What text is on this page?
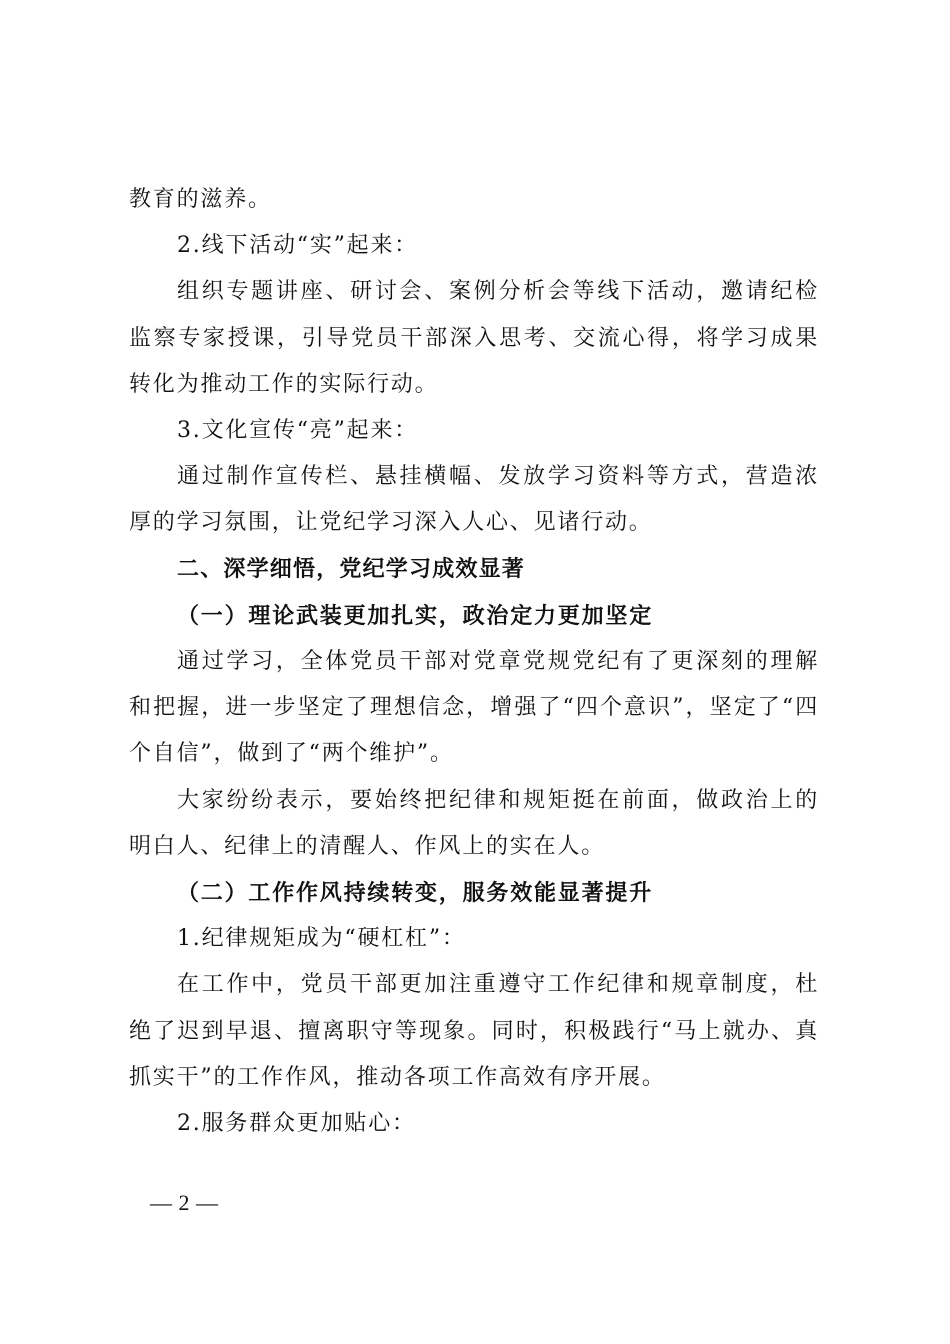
教育的滋养。

2.线下活动“实”起来：

组织专题讲座、研讨会、案例分析会等线下活动，邀请纪检监察专家授课，引导党员干部深入思考、交流心得，将学习成果转化为推动工作的实际行动。

3.文化宣传“亮”起来：

通过制作宣传栏、悬挂横幅、发放学习资料等方式，营造浓厚的学习氛围，让党纪学习深入人心、见诸行动。

二、深学细悟，党纪学习成效显著

（一）理论武装更加扎实，政治定力更加坚定

通过学习，全体党员干部对党章党规党纪有了更深刻的理解和把握，进一步坚定了理想信念，增强了“四个意识”，坚定了“四个自信”，做到了“两个维护”。

大家纷纷表示，要始终把纪律和规矩挺在前面，做政治上的明白人、纪律上的清醒人、作风上的实在人。

（二）工作作风持续转变，服务效能显著提升

1.纪律规矩成为“硬杠杠”：

在工作中，党员干部更加注重遵守工作纪律和规章制度，杜绝了迟到早退、擅离职守等现象。同时，积极践行“马上就办、真抓实干”的工作作风，推动各项工作高效有序开展。

2.服务群众更加贴心：

— 2 —
